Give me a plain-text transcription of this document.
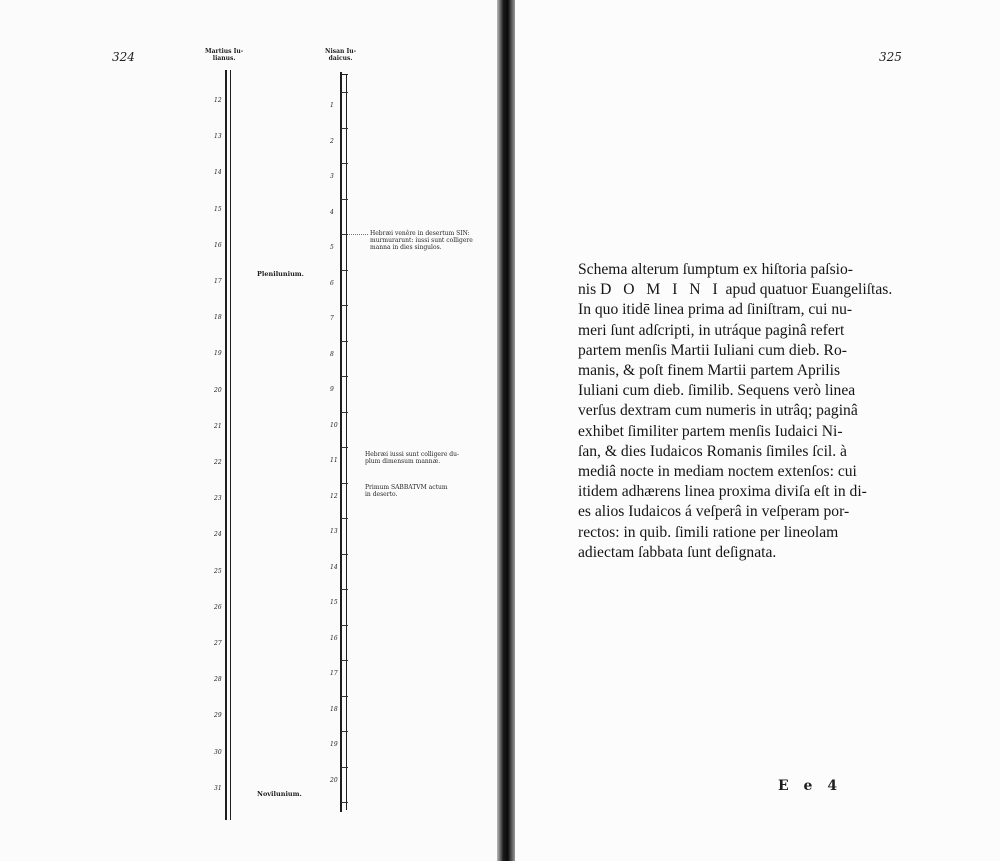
324	Martius Iu-
lianus.
Nisan Iu-
daicus.
12
13
14
15
16
17
18
19
20
21
22
23
24
25
26
27
28
29
30
31
1
2
3
4
5
6
7
8
9
10
11
12
13
14
15
16
17
18
19
20
Plenilunium.
Novilunium.
Hebræi venêre in desertum SIN:
murmurarunt: iussi sunt colligere
manna in dies singulos.
Hebræi iussi sunt colligere du-
plum dimensum mannæ.
Primum SABBATVM actum
in deserto.
325
E e 4
Schema alterum ſumptum ex hiſtoria paſsio-
nis D O M I N I apud quatuor Euangeliſtas.
In quo itidē linea prima ad ſiniſtram, cui nu-
meri ſunt adſcripti, in utráque paginâ refert
partem menſis Martii Iuliani cum dieb. Ro-
manis, & poſt finem Martii partem Aprilis
Iuliani cum dieb. ſimilib. Sequens verò linea
verſus dextram cum numeris in utrâq; paginâ
exhibet ſimiliter partem menſis Iudaici Ni-
ſan, & dies Iudaicos Romanis ſimiles ſcil. à
mediâ nocte in mediam noctem extenſos: cui
itidem adhærens linea proxima diviſa eſt in di-
es alios Iudaicos á veſperâ in veſperam por-
rectos: in quib. ſimili ratione per lineolam
adiectam ſabbata ſunt deſignata.
